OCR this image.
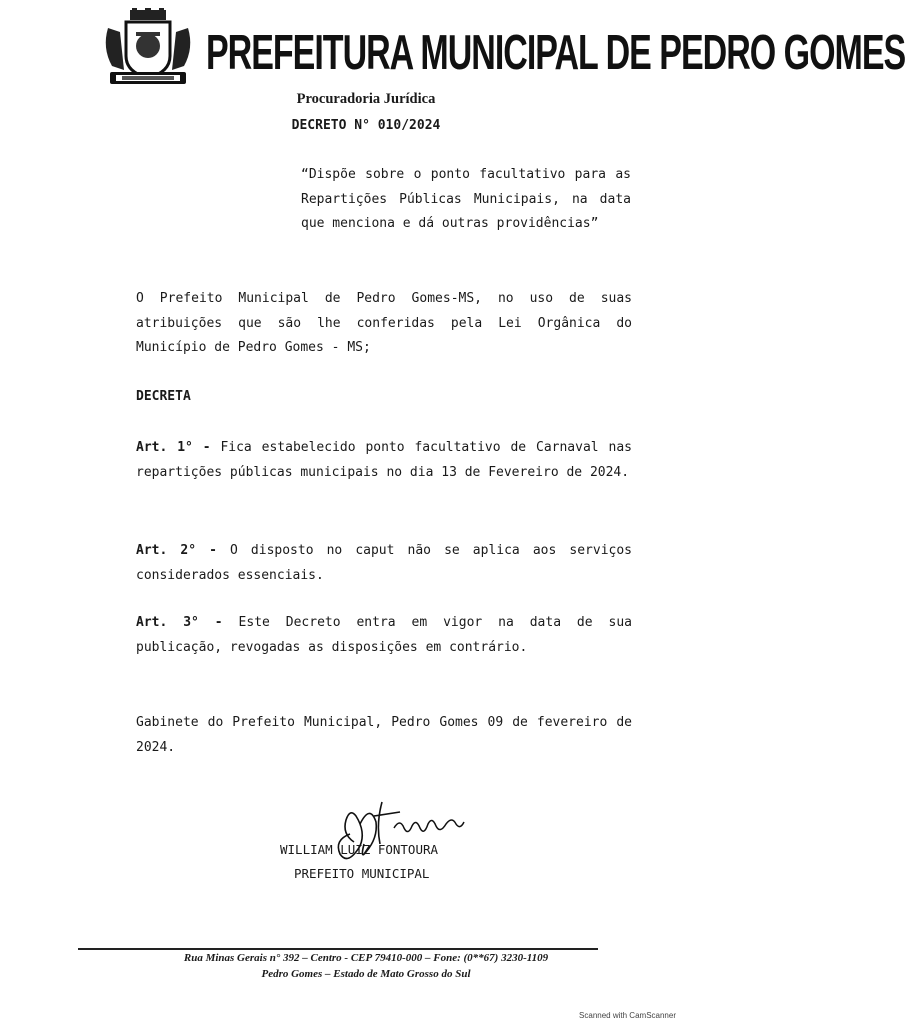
PREFEITURA MUNICIPAL DE PEDRO GOMES
Procuradoria Jurídica
DECRETO N° 010/2024
“Dispõe sobre o ponto facultativo para as Repartições Públicas Municipais, na data que menciona e dá outras providências”
O Prefeito Municipal de Pedro Gomes-MS, no uso de suas atribuições que são lhe conferidas pela Lei Orgânica do Município de Pedro Gomes - MS;
DECRETA
Art. 1° - Fica estabelecido ponto facultativo de Carnaval nas repartições públicas municipais no dia 13 de Fevereiro de 2024.
Art. 2° - O disposto no caput não se aplica aos serviços considerados essenciais.
Art. 3° - Este Decreto entra em vigor na data de sua publicação, revogadas as disposições em contrário.
Gabinete do Prefeito Municipal, Pedro Gomes 09 de fevereiro de 2024.
WILLIAM LUIZ FONTOURA
PREFEITO MUNICIPAL
Rua Minas Gerais n° 392 – Centro - CEP 79410-000 – Fone: (0**67) 3230-1109
Pedro Gomes – Estado de Mato Grosso do Sul
Scanned with CamScanner
